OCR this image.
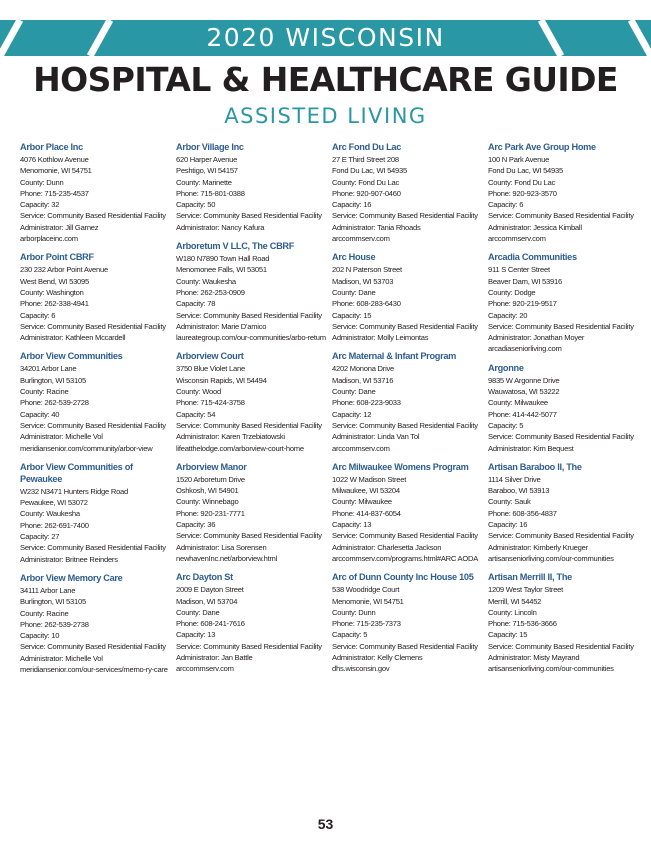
2020 WISCONSIN
HOSPITAL & HEALTHCARE GUIDE
ASSISTED LIVING
Arbor Place Inc
4076 Kothlow Avenue
Menomonie, WI 54751
County: Dunn
Phone: 715-235-4537
Capacity: 32
Service: Community Based Residential Facility
Administrator: Jill Garnez
arborplaceinc.com
Arbor Point CBRF
230 232 Arbor Point Avenue
West Bend, WI 53095
County: Washington
Phone: 262-338-4941
Capacity: 6
Service: Community Based Residential Facility
Administrator: Kathleen Mccardell
Arbor View Communities
34201 Arbor Lane
Burlington, WI 53105
County: Racine
Phone: 262-539-2728
Capacity: 40
Service: Community Based Residential Facility
Administrator: Michelle Vol
meridiansenior.com/community/arbor-view
Arbor View Communities of Pewaukee
W232 N3471 Hunters Ridge Road
Pewaukee, WI 53072
County: Waukesha
Phone: 262-691-7400
Capacity: 27
Service: Community Based Residential Facility
Administrator: Britnee Reinders
Arbor View Memory Care
34111 Arbor Lane
Burlington, WI 53105
County: Racine
Phone: 262-539-2738
Capacity: 10
Service: Community Based Residential Facility
Administrator: Michelle Vol
meridiansenior.com/our-services/memo-ry-care
Arbor Village Inc
620 Harper Avenue
Peshtigo, WI 54157
County: Marinette
Phone: 715-801-0388
Capacity: 50
Service: Community Based Residential Facility
Administrator: Nancy Kafura
Arboretum V LLC, The CBRF
W180 N7890 Town Hall Road
Menomonee Falls, WI 53051
County: Waukesha
Phone: 262-253-0909
Capacity: 78
Service: Community Based Residential Facility
Administrator: Marie D'amico
laureategroup.com/our-communities/arbo-retum
Arborview Court
3750 Blue Violet Lane
Wisconsin Rapids, WI 54494
County: Wood
Phone: 715-424-3758
Capacity: 54
Service: Community Based Residential Facility
Administrator: Karen Trzebiatowski
lifeatthelodge.com/arborview-court-home
Arborview Manor
1520 Arboretum Drive
Oshkosh, WI 54901
County: Winnebago
Phone: 920-231-7771
Capacity: 36
Service: Community Based Residential Facility
Administrator: Lisa Sorensen
newhavenInc.net/arborview.html
Arc Dayton St
2009 E Dayton Street
Madison, WI 53704
County: Dane
Phone: 608-241-7616
Capacity: 13
Service: Community Based Residential Facility
Administrator: Jan Battle
arccommserv.com
Arc Fond Du Lac
27 E Third Street 208
Fond Du Lac, WI 54935
County: Fond Du Lac
Phone: 920-907-0460
Capacity: 16
Service: Community Based Residential Facility
Administrator: Tania Rhoads
arccommserv.com
Arc House
202 N Paterson Street
Madison, WI 53703
County: Dane
Phone: 608-283-6430
Capacity: 15
Service: Community Based Residential Facility
Administrator: Molly Leimontas
Arc Maternal & Infant Program
4202 Monona Drive
Madison, WI 53716
County: Dane
Phone: 608-223-9033
Capacity: 12
Service: Community Based Residential Facility
Administrator: Linda Van Tol
arccommserv.com
Arc Milwaukee Womens Program
1022 W Madison Street
Milwaukee, WI 53204
County: Milwaukee
Phone: 414-837-6054
Capacity: 13
Service: Community Based Residential Facility
Administrator: Charlesetta Jackson
arccommserv.com/programs.html#ARC AODA
Arc of Dunn County Inc House 105
538 Woodridge Court
Menomonie, WI 54751
County: Dunn
Phone: 715-235-7373
Capacity: 5
Service: Community Based Residential Facility
Administrator: Kelly Clemens
dhs.wisconsin.gov
Arc Park Ave Group Home
100 N Park Avenue
Fond Du Lac, WI 54935
County: Fond Du Lac
Phone: 920-923-3570
Capacity: 6
Service: Community Based Residential Facility
Administrator: Jessica Kimball
arccommserv.com
Arcadia Communities
911 S Center Street
Beaver Dam, WI 53916
County: Dodge
Phone: 920-219-9517
Capacity: 20
Service: Community Based Residential Facility
Administrator: Jonathan Moyer
arcadiaseniorliving.com
Argonne
9835 W Argonne Drive
Wauwatosa, WI 53222
County: Milwaukee
Phone: 414-442-5077
Capacity: 5
Service: Community Based Residential Facility
Administrator: Kim Bequest
Artisan Baraboo II, The
1114 Silver Drive
Baraboo, WI 53913
County: Sauk
Phone: 608-356-4837
Capacity: 16
Service: Community Based Residential Facility
Administrator: Kimberly Krueger
artisanseniorliving.com/our-communities
Artisan Merrill II, The
1209 West Taylor Street
Merrill, WI 54452
County: Lincoln
Phone: 715-536-3666
Capacity: 15
Service: Community Based Residential Facility
Administrator: Misty Mayrand
artisanseniorliving.com/our-communities
53
